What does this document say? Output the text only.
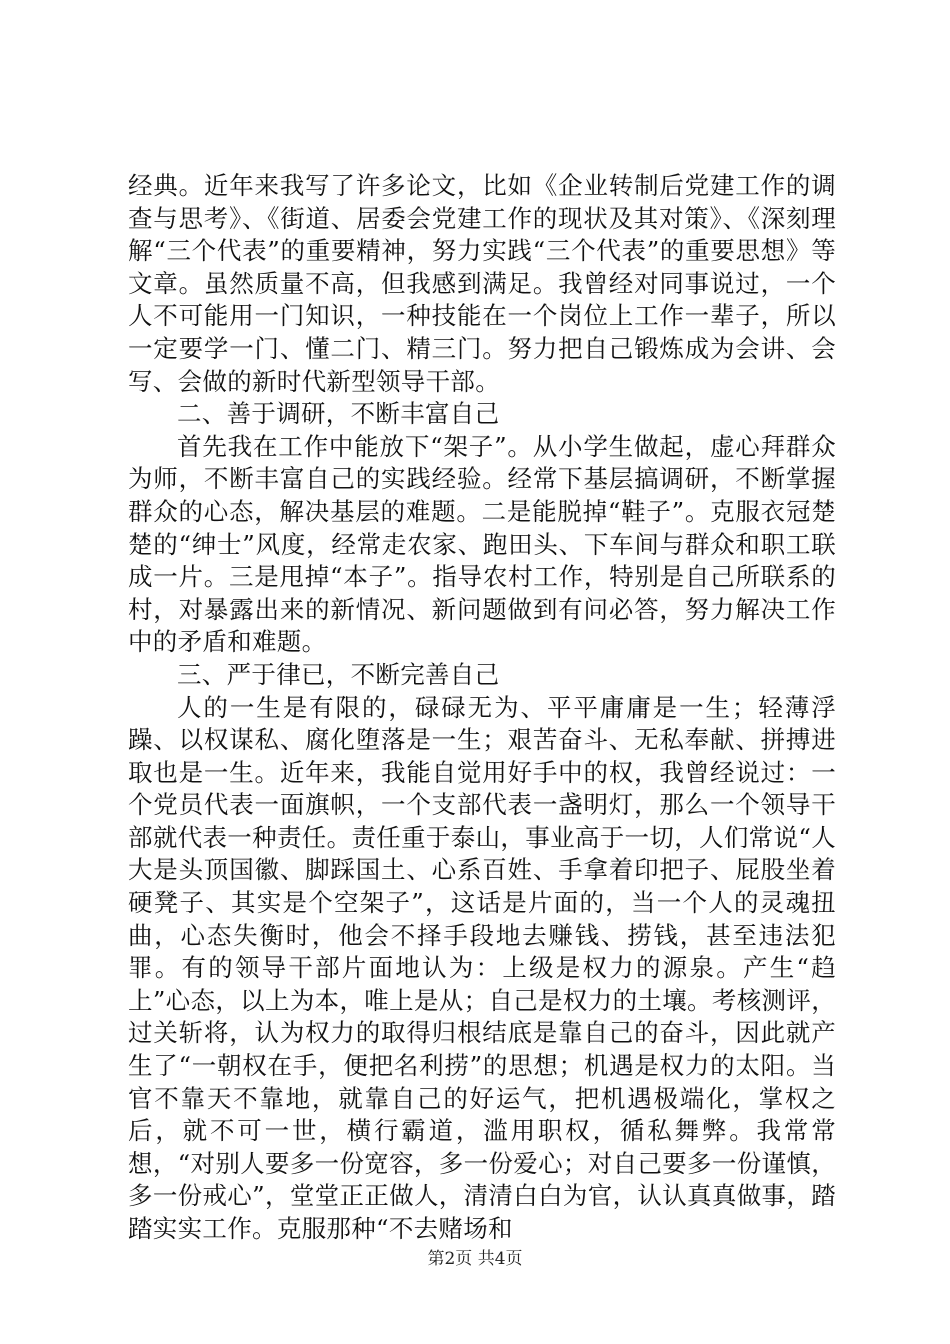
经典。近年来我写了许多论文，比如《企业转制后党建工作的调查与思考》、《街道、居委会党建工作的现状及其对策》、《深刻理解“三个代表”的重要精神，努力实践“三个代表”的重要思想》等文章。虽然质量不高，但我感到满足。我曾经对同事说过，一个人不可能用一门知识，一种技能在一个岗位上工作一辈子，所以一定要学一门、懂二门、精三门。努力把自己锻炼成为会讲、会写、会做的新时代新型领导干部。

二、善于调研，不断丰富自己

首先我在工作中能放下“架子”。从小学生做起，虚心拜群众为师，不断丰富自己的实践经验。经常下基层搞调研，不断掌握群众的心态，解决基层的难题。二是能脱掉“鞋子”。克服衣冠楚楚的“绅士”风度，经常走农家、跑田头、下车间与群众和职工联成一片。三是甩掉“本子”。指导农村工作，特别是自己所联系的村，对暴露出来的新情况、新问题做到有问必答，努力解决工作中的矛盾和难题。

三、严于律已，不断完善自己

人的一生是有限的，碌碌无为、平平庸庸是一生；轻薄浮躁、以权谋私、腐化堕落是一生；艰苦奋斗、无私奉献、拼搏进取也是一生。近年来，我能自觉用好手中的权，我曾经说过：一个党员代表一面旗帜，一个支部代表一盏明灯，那么一个领导干部就代表一种责任。责任重于泰山，事业高于一切，人们常说“人大是头顶国徽、脚踩国土、心系百姓、手拿着印把子、屁股坐着硬凳子、其实是个空架子”，这话是片面的，当一个人的灵魂扭曲，心态失衡时，他会不择手段地去赚钱、捞钱，甚至违法犯罪。有的领导干部片面地认为：上级是权力的源泉。产生“趋上”心态，以上为本，唯上是从；自己是权力的土壤。考核测评，过关斩将，认为权力的取得归根结底是靠自己的奋斗，因此就产生了“一朝权在手，便把名利捞”的思想；机遇是权力的太阳。当官不靠天不靠地，就靠自己的好运气，把机遇极端化，掌权之后，就不可一世，横行霸道，滥用职权，循私舞弊。我常常想，“对别人要多一份宽容，多一份爱心；对自己要多一份谨慎，多一份戒心”，堂堂正正做人，清清白白为官，认认真真做事，踏踏实实工作。克服那种“不去赌场和

第2页 共4页
